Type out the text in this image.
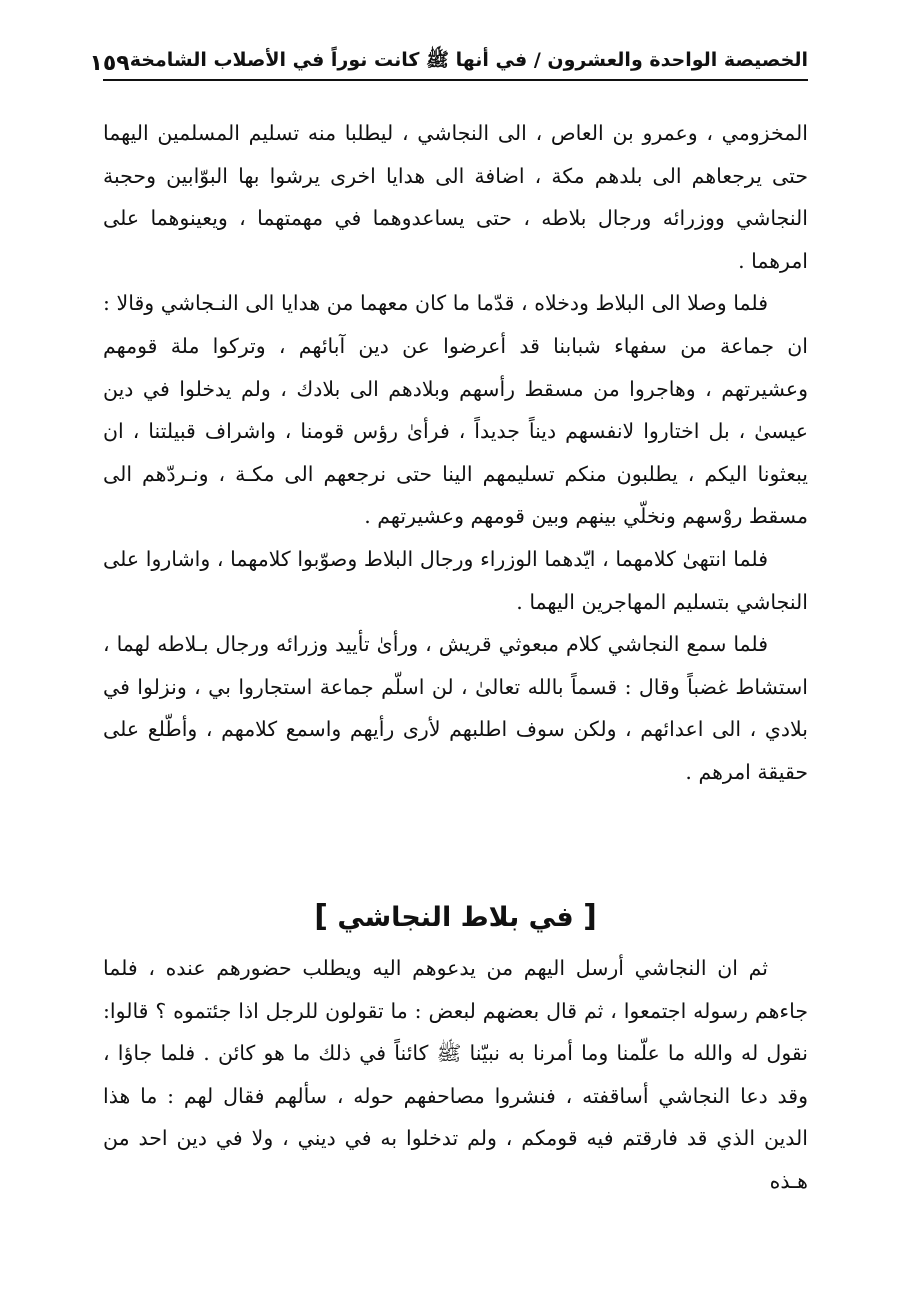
الخصيصة الواحدة والعشرون / في أنها ﷺ كانت نوراً في الأصلاب الشامخة
١٥٩

المخزومي ، وعمرو بن العاص ، الى النجاشي ، ليطلبا منه تسليم المسلمين اليهما حتى يرجعاهم الى بلدهم مكة ، اضافة الى هدايا اخرى يرشوا بها البوّابين وحجبة النجاشي ووزرائه ورجال بلاطه ، حتى يساعدوهما في مهمتهما ، ويعينوهما على امرهما .

فلما وصلا الى البلاط ودخلاه ، قدّما ما كان معهما من هدايا الى النـجاشي وقالا : ان جماعة من سفهاء شبابنا قد أعرضوا عن دين آبائهم ، وتركوا ملة قومهم وعشيرتهم ، وهاجروا من مسقط رأسهم وبلادهم الى بلادك ، ولم يدخلوا في دين عيسىٰ ، بل اختاروا لانفسهم ديناً جديداً ، فرأىٰ رؤس قومنا ، واشراف قبيلتنا ، ان يبعثونا اليكم ، يطلبون منكم تسليمهم الينا حتى نرجعهم الى مكـة ، ونـردّهم الى مسقط روْسهم ونخلّي بينهم وبين قومهم وعشيرتهم .

فلما انتهىٰ كلامهما ، ايّدهما الوزراء ورجال البلاط وصوّبوا كلامهما ، واشاروا على النجاشي بتسليم المهاجرين اليهما .

فلما سمع النجاشي كلام مبعوثي قريش ، ورأىٰ تأييد وزرائه ورجال بـلاطه لهما ، استشاط غضباً وقال : قسماً بالله تعالىٰ ، لن اسلّم جماعة استجاروا بي ، ونزلوا في بلادي ، الى اعدائهم ، ولكن سوف اطلبهم لأرى رأيهم واسمع كلامهم ، وأطّلع على حقيقة امرهم .

[ في بلاط النجاشي ]

ثم ان النجاشي أرسل اليهم من يدعوهم اليه ويطلب حضورهم عنده ، فلما جاءهم رسوله اجتمعوا ، ثم قال بعضهم لبعض : ما تقولون للرجل اذا جئتموه ؟ قالوا: نقول له والله ما علّمنا وما أمرنا به نبيّنا ﷺ كائناً في ذلك ما هو كائن . فلما جاؤا ، وقد دعا النجاشي أساقفته ، فنشروا مصاحفهم حوله ، سألهم فقال لهم : ما هذا الدين الذي قد فارقتم فيه قومكم ، ولم تدخلوا به في ديني ، ولا في دين احد من هـذه
